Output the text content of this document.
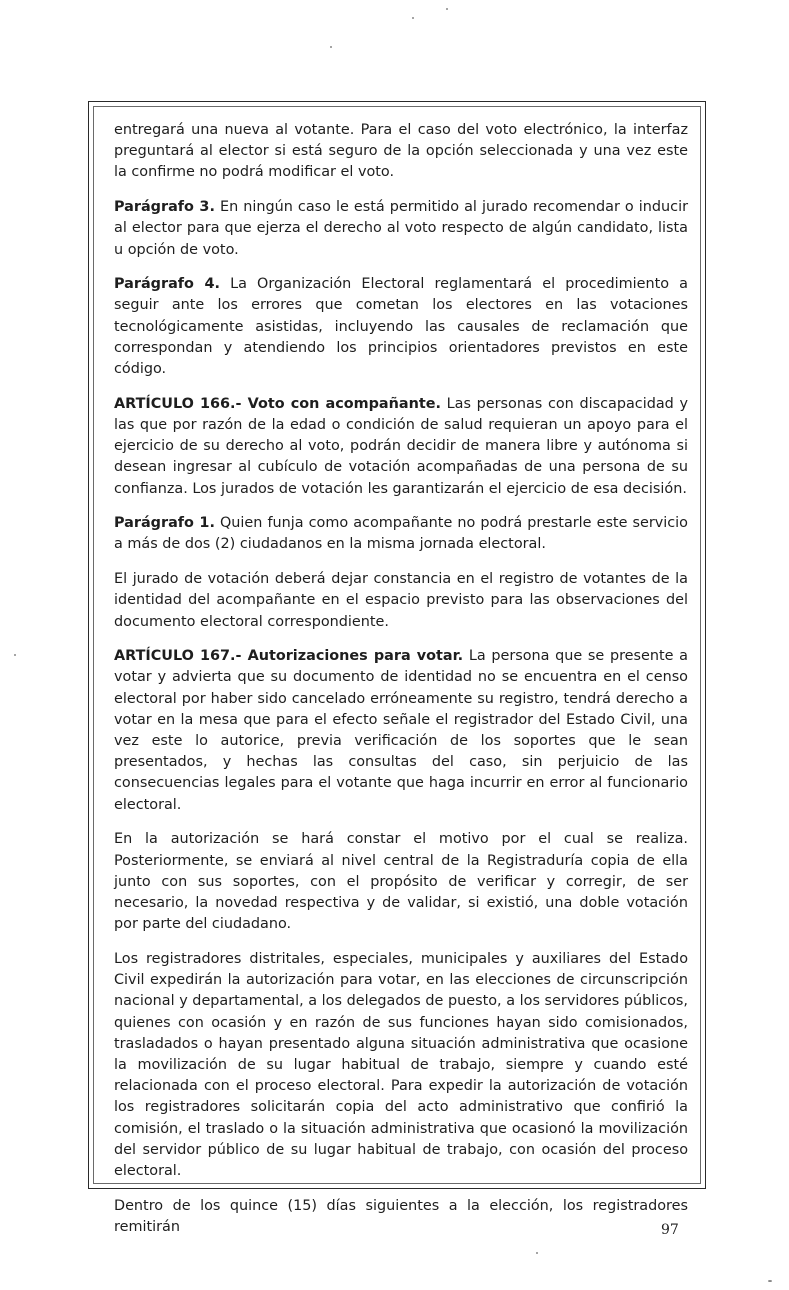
entregará una nueva al votante. Para el caso del voto electrónico, la interfaz preguntará al elector si está seguro de la opción seleccionada y una vez este la confirme no podrá modificar el voto.

Parágrafo 3. En ningún caso le está permitido al jurado recomendar o inducir al elector para que ejerza el derecho al voto respecto de algún candidato, lista u opción de voto.

Parágrafo 4. La Organización Electoral reglamentará el procedimiento a seguir ante los errores que cometan los electores en las votaciones tecnológicamente asistidas, incluyendo las causales de reclamación que correspondan y atendiendo los principios orientadores previstos en este código.

ARTÍCULO 166.- Voto con acompañante. Las personas con discapacidad y las que por razón de la edad o condición de salud requieran un apoyo para el ejercicio de su derecho al voto, podrán decidir de manera libre y autónoma si desean ingresar al cubículo de votación acompañadas de una persona de su confianza. Los jurados de votación les garantizarán el ejercicio de esa decisión.

Parágrafo 1. Quien funja como acompañante no podrá prestarle este servicio a más de dos (2) ciudadanos en la misma jornada electoral.

El jurado de votación deberá dejar constancia en el registro de votantes de la identidad del acompañante en el espacio previsto para las observaciones del documento electoral correspondiente.

ARTÍCULO 167.- Autorizaciones para votar. La persona que se presente a votar y advierta que su documento de identidad no se encuentra en el censo electoral por haber sido cancelado erróneamente su registro, tendrá derecho a votar en la mesa que para el efecto señale el registrador del Estado Civil, una vez este lo autorice, previa verificación de los soportes que le sean presentados, y hechas las consultas del caso, sin perjuicio de las consecuencias legales para el votante que haga incurrir en error al funcionario electoral.

En la autorización se hará constar el motivo por el cual se realiza. Posteriormente, se enviará al nivel central de la Registraduría copia de ella junto con sus soportes, con el propósito de verificar y corregir, de ser necesario, la novedad respectiva y de validar, si existió, una doble votación por parte del ciudadano.

Los registradores distritales, especiales, municipales y auxiliares del Estado Civil expedirán la autorización para votar, en las elecciones de circunscripción nacional y departamental, a los delegados de puesto, a los servidores públicos, quienes con ocasión y en razón de sus funciones hayan sido comisionados, trasladados o hayan presentado alguna situación administrativa que ocasione la movilización de su lugar habitual de trabajo, siempre y cuando esté relacionada con el proceso electoral. Para expedir la autorización de votación los registradores solicitarán copia del acto administrativo que confirió la comisión, el traslado o la situación administrativa que ocasionó la movilización del servidor público de su lugar habitual de trabajo, con ocasión del proceso electoral.

Dentro de los quince (15) días siguientes a la elección, los registradores remitirán	97
